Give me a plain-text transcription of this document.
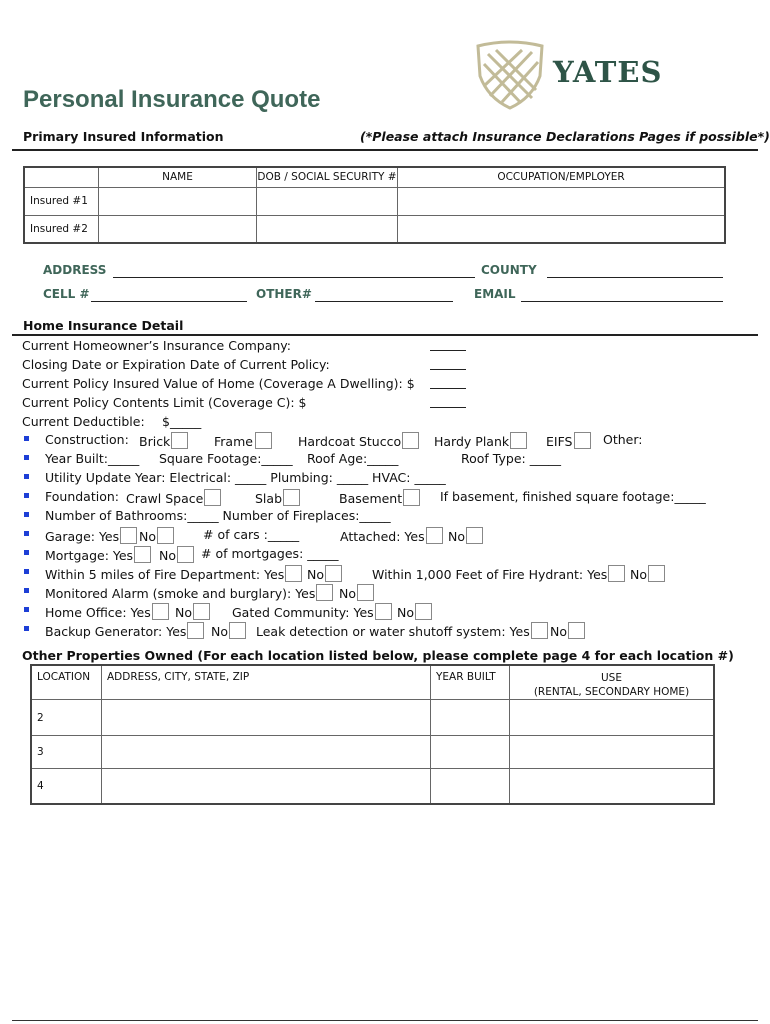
Personal Insurance Quote
YATES
Primary Insured Information	(*Please attach Insurance Declarations Pages if possible*)
	NAME	DOB / SOCIAL SECURITY #	OCCUPATION/EMPLOYER
Insured #1			
Insured #2			
ADDRESS	COUNTY
CELL #	OTHER#	EMAIL
Home Insurance Detail
Current Homeowner’s Insurance Company:
Closing Date or Expiration Date of Current Policy:
Current Policy Insured Value of Home (Coverage A Dwelling): $
Current Policy Contents Limit (Coverage C): $
Current Deductible: $_____
Construction: Brick	Frame	Hardcoat Stucco	Hardy Plank	EIFS	Other:
Year Built:_____ Square Footage:_____ Roof Age:_____	Roof Type: _____
Utility Update Year: Electrical: _____ Plumbing: _____ HVAC: _____
Foundation: Crawl Space	Slab	Basement	If basement, finished square footage:_____
Number of Bathrooms:_____ Number of Fireplaces:_____
Garage: Yes	No	# of cars :_____	Attached: Yes	No
Mortgage: Yes	No	# of mortgages: _____
Within 5 miles of Fire Department: Yes	No	Within 1,000 Feet of Fire Hydrant: Yes	No
Monitored Alarm (smoke and burglary): Yes	No
Home Office: Yes	No	Gated Community: Yes	No
Backup Generator: Yes	No	Leak detection or water shutoff system: Yes	No
Other Properties Owned (For each location listed below, please complete page 4 for each location #)
LOCATION	ADDRESS, CITY, STATE, ZIP	YEAR BUILT	USE
(RENTAL, SECONDARY HOME)

2			
3			
4			
